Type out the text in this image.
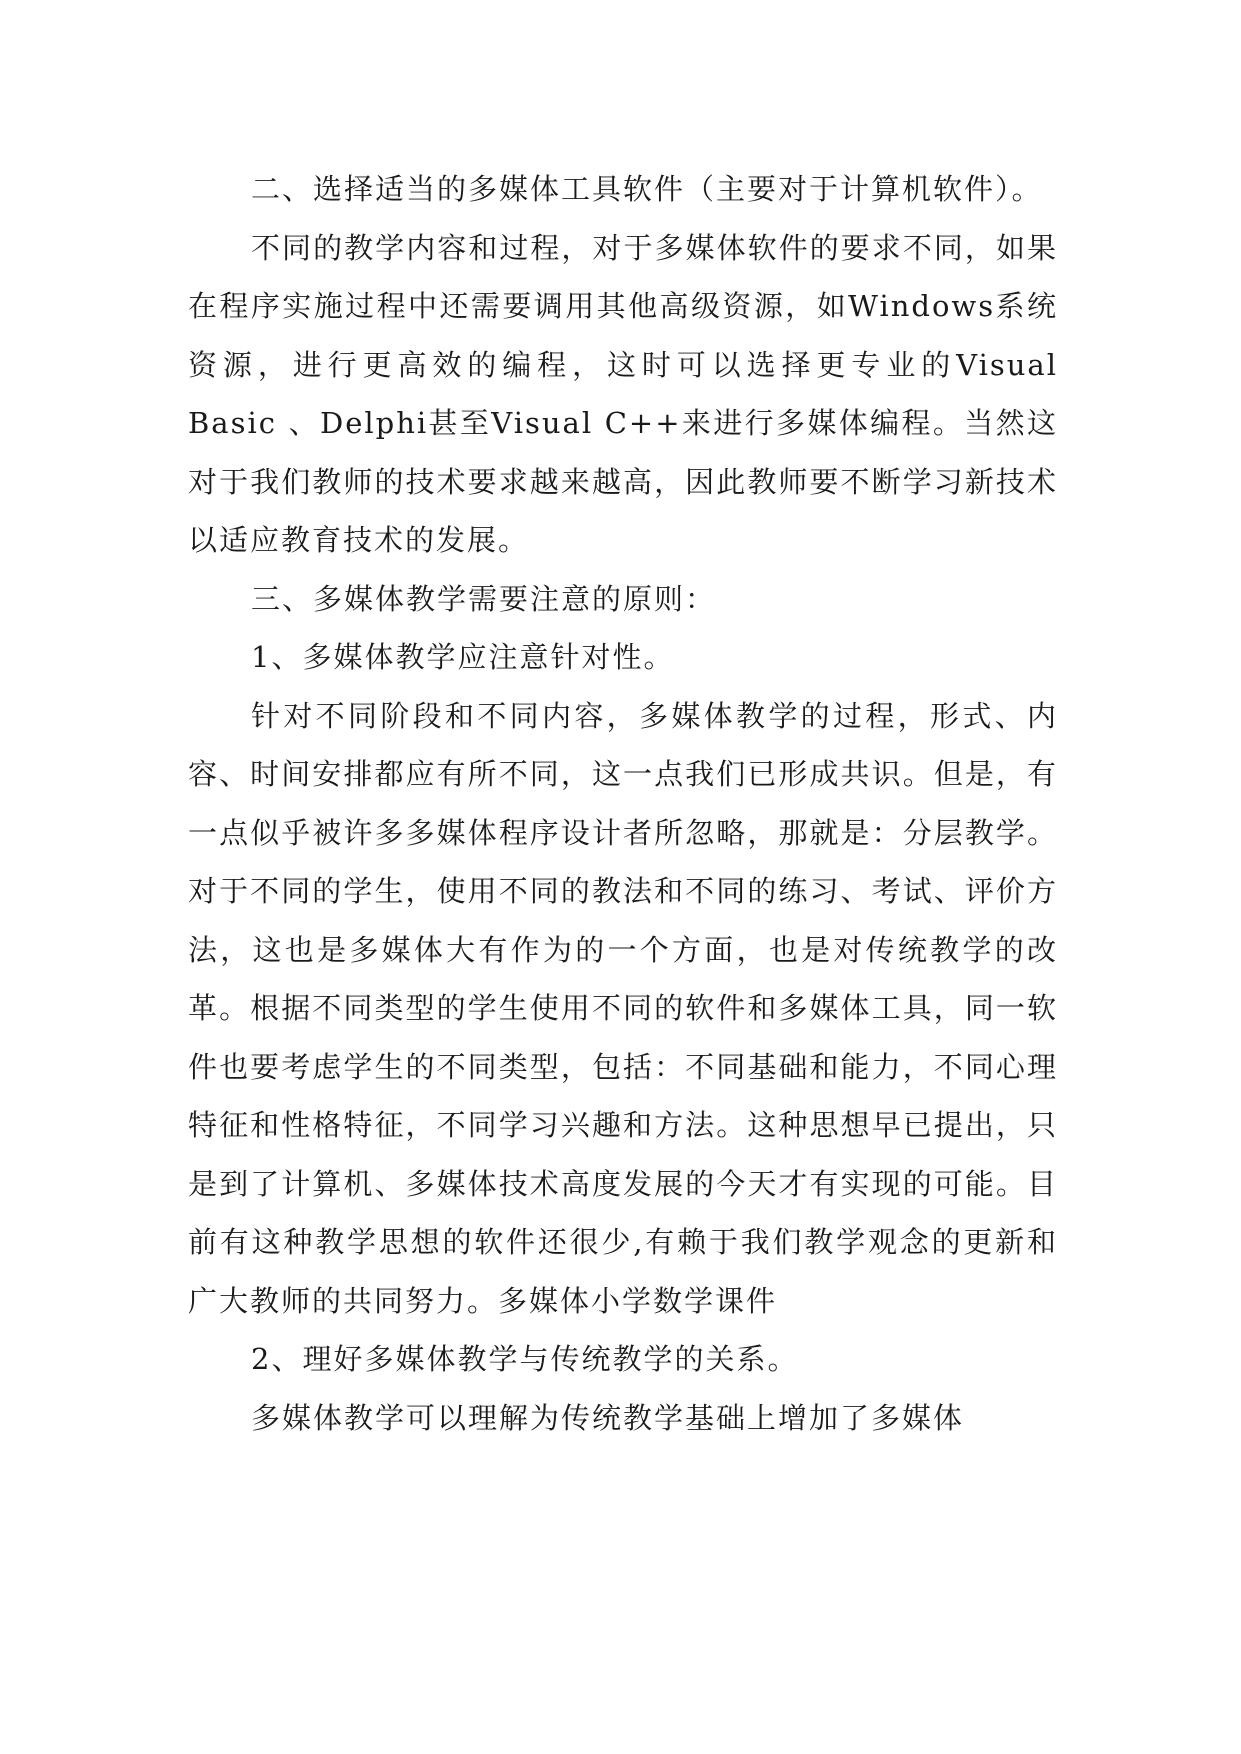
二、选择适当的多媒体工具软件（主要对于计算机软件）。

不同的教学内容和过程，对于多媒体软件的要求不同，如果在程序实施过程中还需要调用其他高级资源，如Windows系统资源，进行更高效的编程，这时可以选择更专业的Visual Basic 、Delphi甚至Visual C++来进行多媒体编程。当然这对于我们教师的技术要求越来越高，因此教师要不断学习新技术以适应教育技术的发展。

三、多媒体教学需要注意的原则：

1、多媒体教学应注意针对性。

针对不同阶段和不同内容，多媒体教学的过程，形式、内容、时间安排都应有所不同，这一点我们已形成共识。但是，有一点似乎被许多多媒体程序设计者所忽略，那就是：分层教学。对于不同的学生，使用不同的教法和不同的练习、考试、评价方法，这也是多媒体大有作为的一个方面，也是对传统教学的改革。根据不同类型的学生使用不同的软件和多媒体工具，同一软件也要考虑学生的不同类型，包括：不同基础和能力，不同心理特征和性格特征，不同学习兴趣和方法。这种思想早已提出，只是到了计算机、多媒体技术高度发展的今天才有实现的可能。目前有这种教学思想的软件还很少,有赖于我们教学观念的更新和广大教师的共同努力。多媒体小学数学课件

2、理好多媒体教学与传统教学的关系。

多媒体教学可以理解为传统教学基础上增加了多媒体
